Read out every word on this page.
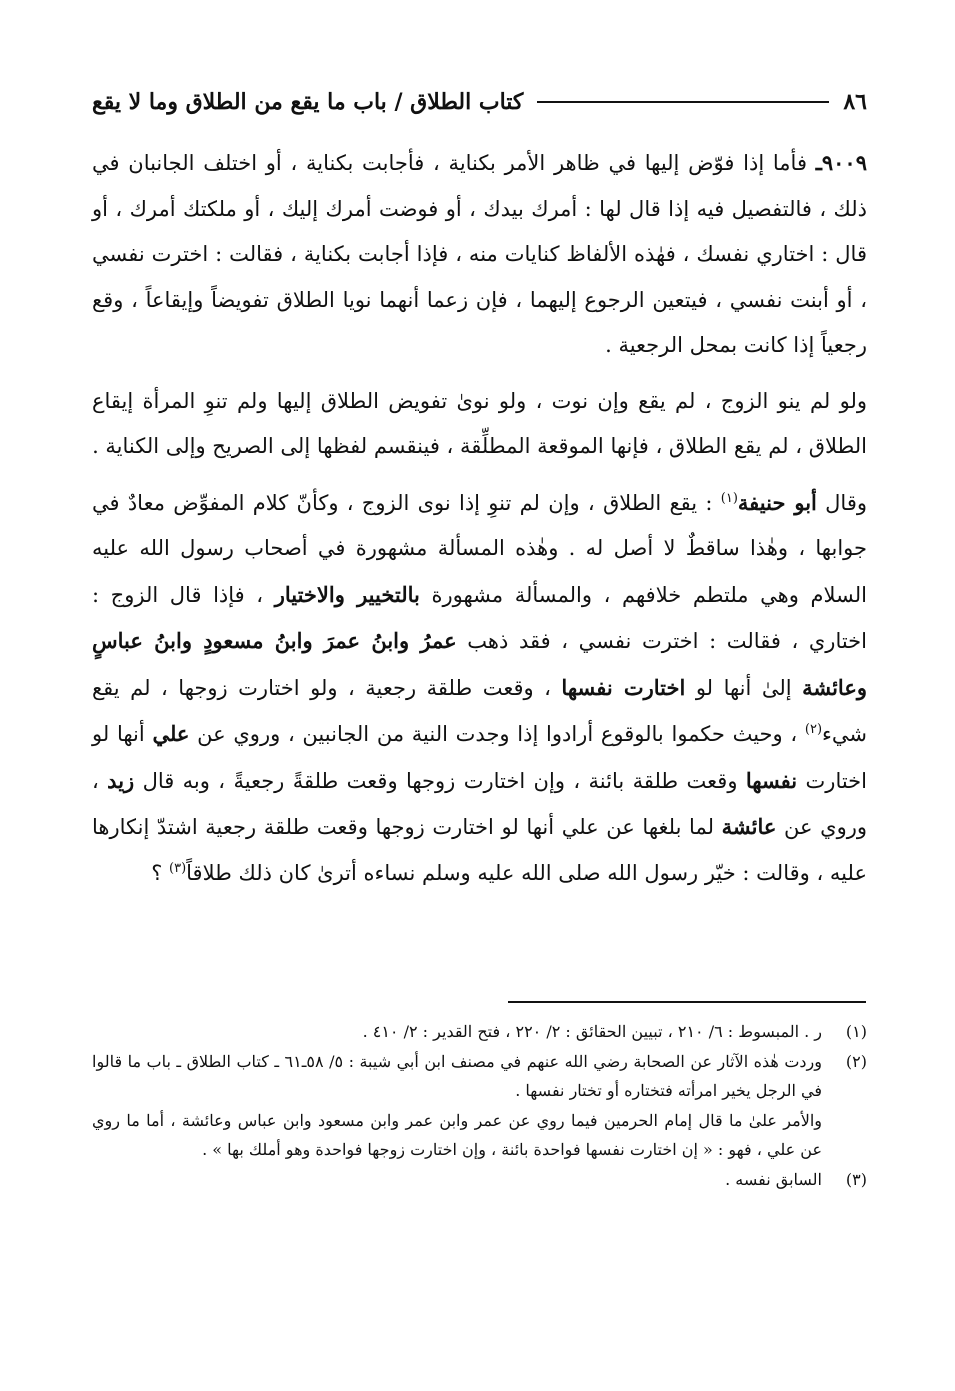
كتاب الطلاق / باب ما يقع من الطلاق وما لا يقع	٨٦

٩٠٠٩ـ فأما إذا فوّض إليها في ظاهر الأمر بكناية ، فأجابت بكناية ، أو اختلف الجانبان في ذلك ، فالتفصيل فيه إذا قال لها : أمرك بيدك ، أو فوضت أمرك إليك ، أو ملكتك أمرك ، أو قال : اختاري نفسك ، فهٰذه الألفاظ كنايات منه ، فإذا أجابت بكناية ، فقالت : اخترت نفسي ، أو أبنت نفسي ، فيتعين الرجوع إليهما ، فإن زعما أنهما نويا الطلاق تفويضاً وإيقاعاً ، وقع رجعياً إذا كانت بمحل الرجعية .

ولو لم ينو الزوج ، لم يقع وإن نوت ، ولو نوىٰ تفويض الطلاق إليها ولم تنوِ المرأة إيقاع الطلاق ، لم يقع الطلاق ، فإنها الموقعة المطلِّقة ، فينقسم لفظها إلى الصريح وإلى الكناية .

وقال أبو حنيفة$^{(١)}$ : يقع الطلاق ، وإن لم تنوِ إذا نوى الزوج ، وكأنّ كلام المفوِّض معادٌ في جوابها ، وهٰذا ساقطٌ لا أصل له . وهٰذه المسألة مشهورة في أصحاب رسول الله عليه السلام وهي ملتطم خلافهم ، والمسألة مشهورة بالتخيير والاختيار ، فإذا قال الزوج : اختاري ، فقالت : اخترت نفسي ، فقد ذهب عمرُ وابنُ عمرَ وابنُ مسعودٍ وابنُ عباسٍ وعائشة إلىٰ أنها لو اختارت نفسها ، وقعت طلقة رجعية ، ولو اختارت زوجها ، لم يقع شيء$^{(٢)}$ ، وحيث حكموا بالوقوع أرادوا إذا وجدت النية من الجانبين ، وروي عن علي أنها لو اختارت نفسها وقعت طلقة بائنة ، وإن اختارت زوجها وقعت طلقةً رجعيةً ، وبه قال زيد ، وروي عن عائشة لما بلغها عن علي أنها لو اختارت زوجها وقعت طلقة رجعية اشتدّ إنكارها عليه ، وقالت : خيّر رسول الله صلى الله عليه وسلم نساءه أترىٰ كان ذلك طلاقاً$^{(٣)}$ ؟

(١)
ر . المبسوط : ٦/ ٢١٠ ، تبيين الحقائق : ٢/ ٢٢٠ ، فتح القدير : ٢/ ٤١٠ .
(٢)
وردت هٰذه الآثار عن الصحابة رضي الله عنهم في مصنف ابن أبي شيبة : ٥/ ٥٨ـ٦١ ـ كتاب الطلاق ـ باب ما قالوا في الرجل يخير امرأته فتختاره أو تختار نفسها .
والأمر علىٰ ما قال إمام الحرمين فيما روي عن عمر وابن عمر وابن مسعود وابن عباس وعائشة ، أما ما روي عن علي ، فهو : « إن اختارت نفسها فواحدة بائنة ، وإن اختارت زوجها فواحدة وهو أملك بها » .
(٣)
السابق نفسه .
